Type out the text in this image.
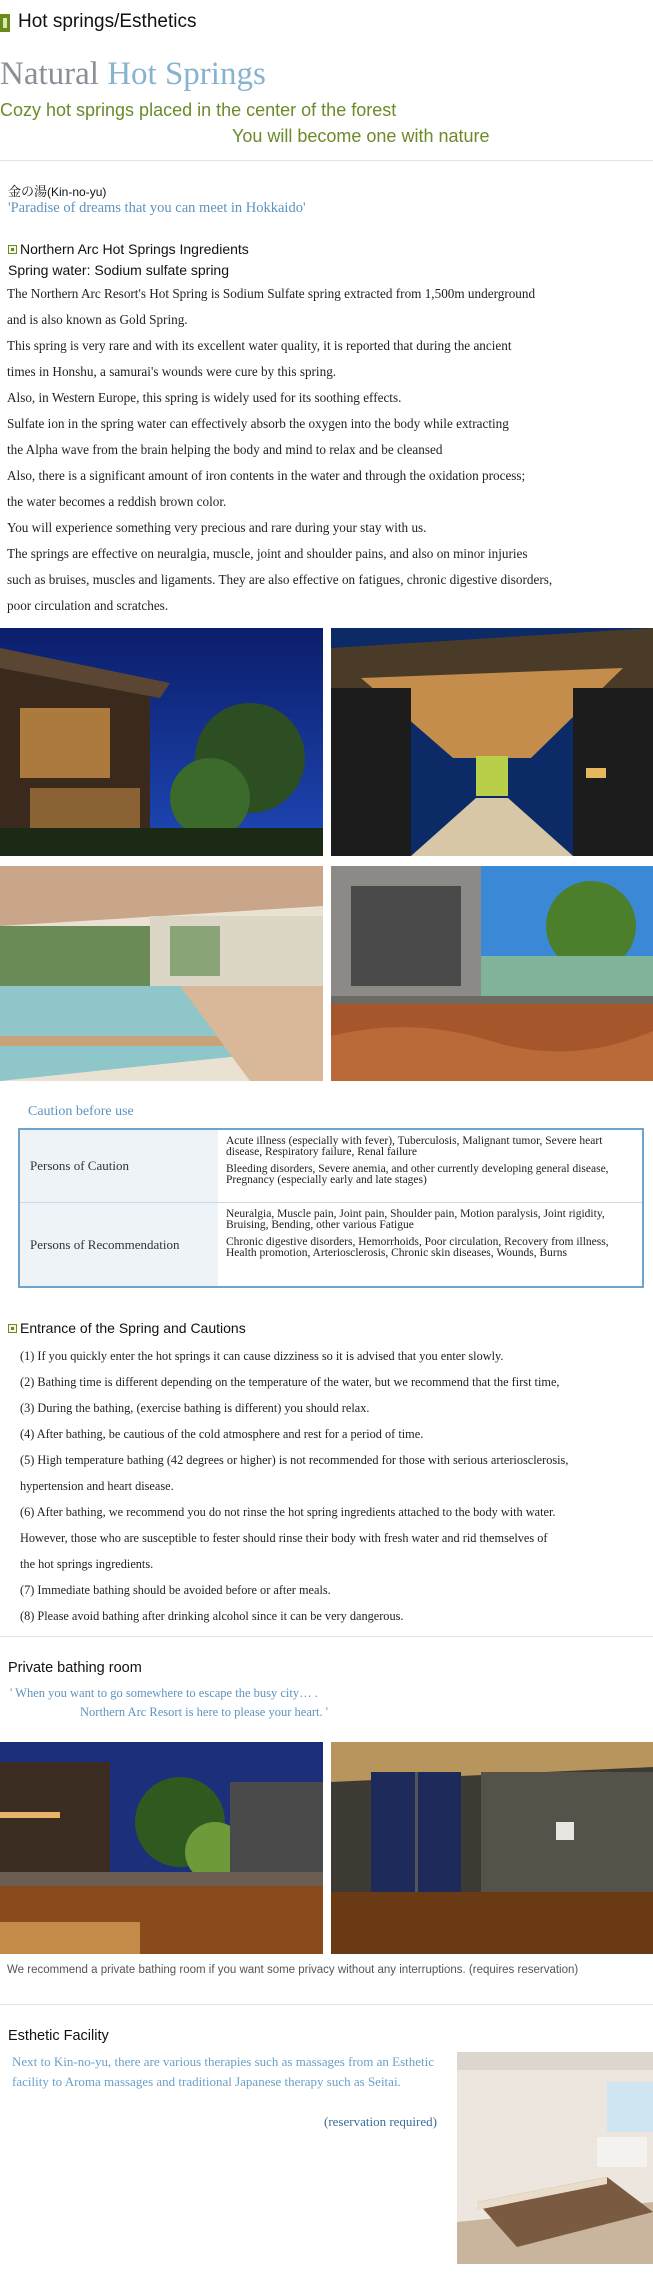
Hot springs/Esthetics
Natural Hot Springs
Cozy hot springs placed in the center of the forest
You will become one with nature
金の湯(Kin-no-yu)
'Paradise of dreams that you can meet in Hokkaido'
Northern Arc Hot Springs Ingredients
Spring water: Sodium sulfate spring

The Northern Arc Resort's Hot Spring is Sodium Sulfate spring extracted from 1,500m underground

and is also known as Gold Spring.

This spring is very rare and with its excellent water quality, it is reported that during the ancient

times in Honshu, a samurai's wounds were cure by this spring.

Also, in Western Europe, this spring is widely used for its soothing effects.

Sulfate ion in the spring water can effectively absorb the oxygen into the body while extracting

the Alpha wave from the brain helping the body and mind to relax and be cleansed

Also, there is a significant amount of iron contents in the water and through the oxidation process;

the water becomes a reddish brown color.

You will experience something very precious and rare during your stay with us.

The springs are effective on neuralgia, muscle, joint and shoulder pains, and also on minor injuries

such as bruises, muscles and ligaments. They are also effective on fatigues, chronic digestive disorders,

poor circulation and scratches.

Caution before use
Persons of Caution
Acute illness (especially with fever), Tuberculosis, Malignant tumor, Severe heart disease, Respiratory failure, Renal failure
Bleeding disorders, Severe anemia, and other currently developing general disease, Pregnancy (especially early and late stages)
Persons of Recommendation
Neuralgia, Muscle pain, Joint pain, Shoulder pain, Motion paralysis, Joint rigidity, Bruising, Bending, other various Fatigue
Chronic digestive disorders, Hemorrhoids, Poor circulation, Recovery from illness, Health promotion, Arteriosclerosis, Chronic skin diseases, Wounds, Burns
Entrance of the Spring and Cautions

(1) If you quickly enter the hot springs it can cause dizziness so it is advised that you enter slowly.

(2) Bathing time is different depending on the temperature of the water, but we recommend that the first time,

(3) During the bathing, (exercise bathing is different) you should relax.

(4) After bathing, be cautious of the cold atmosphere and rest for a period of time.

(5) High temperature bathing (42 degrees or higher) is not recommended for those with serious arteriosclerosis,

hypertension and heart disease.

(6) After bathing, we recommend you do not rinse the hot spring ingredients attached to the body with water.

However, those who are susceptible to fester should rinse their body with fresh water and rid themselves of

the hot springs ingredients.

(7) Immediate bathing should be avoided before or after meals.

(8) Please avoid bathing after drinking alcohol since it can be very dangerous.

Private bathing room
' When you want to go somewhere to escape the busy city… .
Northern Arc Resort is here to please your heart. '
We recommend a private bathing room if you want some privacy without any interruptions. (requires reservation)
Esthetic Facility
Next to Kin-no-yu, there are various therapies such as massages from an Esthetic facility to Aroma massages and traditional Japanese therapy such as Seitai.
(reservation required)
